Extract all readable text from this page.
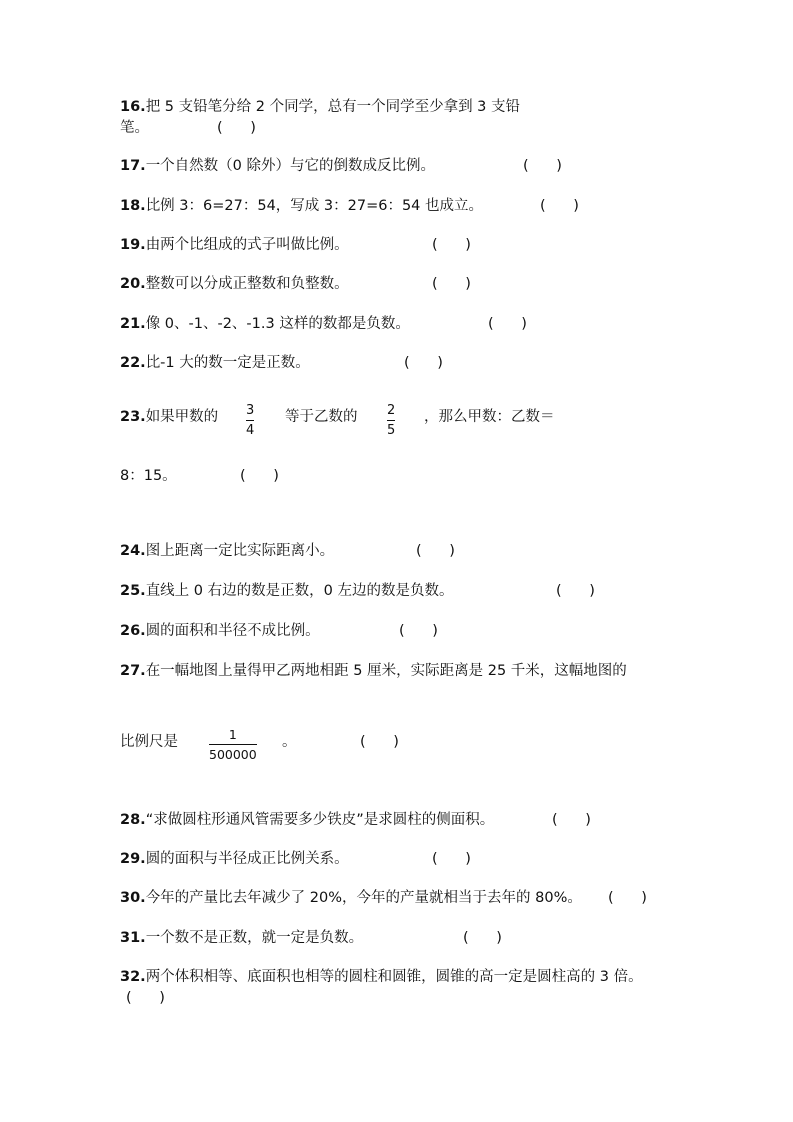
16.把 5 支铅笔分给 2 个同学，总有一个同学至少拿到 3 支铅
笔。	(      )
17.一个自然数（0 除外）与它的倒数成反比例。	(      )
18.比例 3：6=27：54，写成 3：27=6：54 也成立。	(      )
19.由两个比组成的式子叫做比例。	(      )
20.整数可以分成正整数和负整数。	(      )
21.像 0、-1、-2、-1.3 这样的数都是负数。	(      )
22.比-1 大的数一定是正数。	(      )
23.如果甲数的 3
4
等于乙数的 2
5
，那么甲数：乙数＝
8：15。	(      )
24.图上距离一定比实际距离小。	(      )
25.直线上 0 右边的数是正数，0 左边的数是负数。	(      )
26.圆的面积和半径不成比例。	(      )
27.在一幅地图上量得甲乙两地相距 5 厘米，实际距离是 25 千米，这幅地图的
比例尺是	1
500000
。	(      )
28.“求做圆柱形通风管需要多少铁皮”是求圆柱的侧面积。	(      )
29.圆的面积与半径成正比例关系。	(      )
30.今年的产量比去年减少了 20%，今年的产量就相当于去年的 80%。 (      )
31.一个数不是正数，就一定是负数。	(      )
32.两个体积相等、底面积也相等的圆柱和圆锥，圆锥的高一定是圆柱高的 3 倍。
(      )
